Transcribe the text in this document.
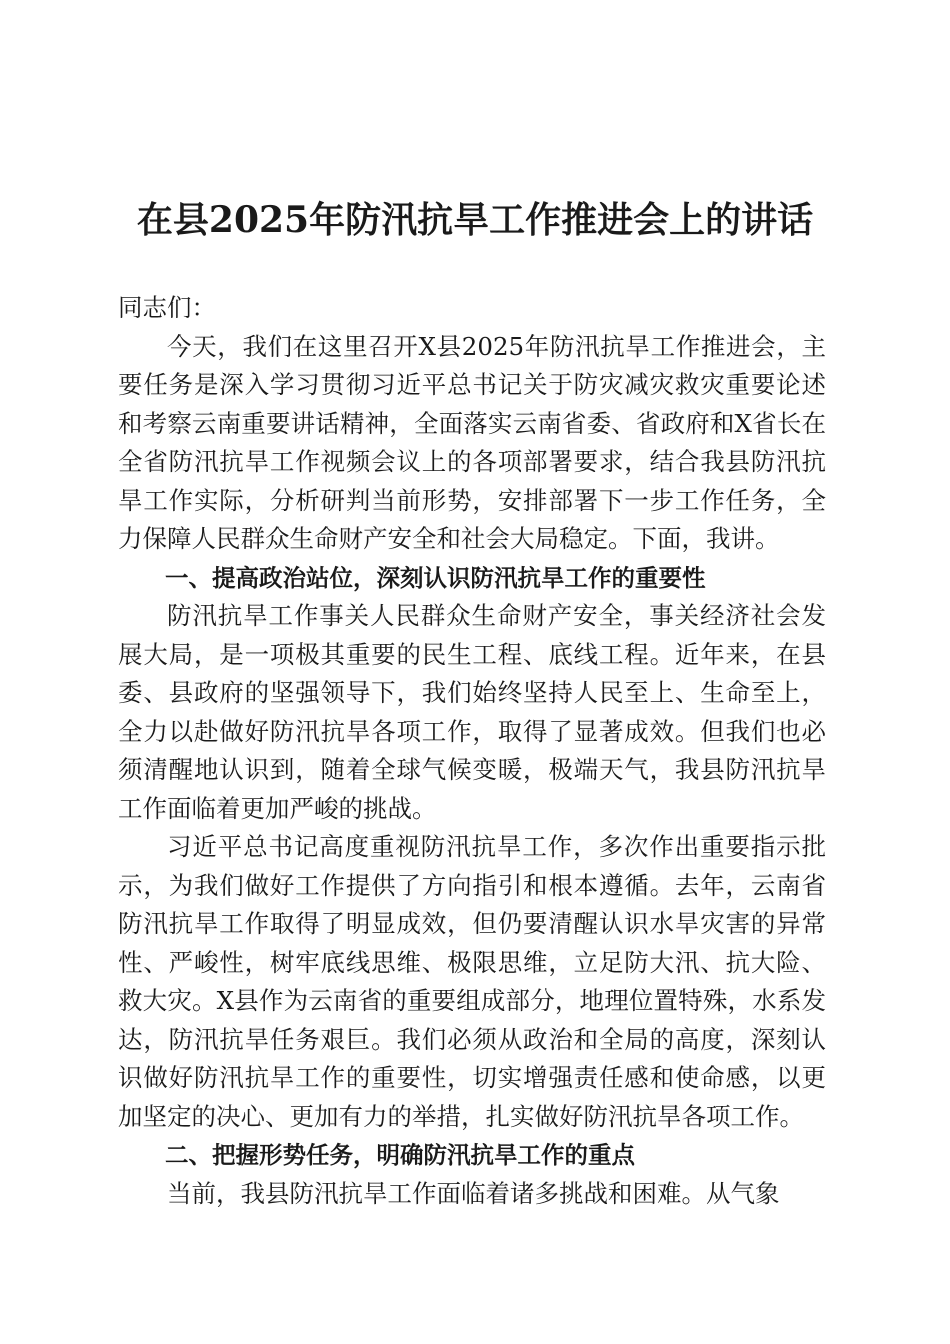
在县2025年防汛抗旱工作推进会上的讲话

同志们：

今天，我们在这里召开X县2025年防汛抗旱工作推进会，主要任务是深入学习贯彻习近平总书记关于防灾减灾救灾重要论述和考察云南重要讲话精神，全面落实云南省委、省政府和X省长在全省防汛抗旱工作视频会议上的各项部署要求，结合我县防汛抗旱工作实际，分析研判当前形势，安排部署下一步工作任务，全力保障人民群众生命财产安全和社会大局稳定。下面，我讲。

一、提高政治站位，深刻认识防汛抗旱工作的重要性

防汛抗旱工作事关人民群众生命财产安全，事关经济社会发展大局，是一项极其重要的民生工程、底线工程。近年来，在县委、县政府的坚强领导下，我们始终坚持人民至上、生命至上，全力以赴做好防汛抗旱各项工作，取得了显著成效。但我们也必须清醒地认识到，随着全球气候变暖，极端天气，我县防汛抗旱工作面临着更加严峻的挑战。

习近平总书记高度重视防汛抗旱工作，多次作出重要指示批示，为我们做好工作提供了方向指引和根本遵循。去年，云南省防汛抗旱工作取得了明显成效，但仍要清醒认识水旱灾害的异常性、严峻性，树牢底线思维、极限思维，立足防大汛、抗大险、救大灾。X县作为云南省的重要组成部分，地理位置特殊，水系发达，防汛抗旱任务艰巨。我们必须从政治和全局的高度，深刻认识做好防汛抗旱工作的重要性，切实增强责任感和使命感，以更加坚定的决心、更加有力的举措，扎实做好防汛抗旱各项工作。

二、把握形势任务，明确防汛抗旱工作的重点

当前，我县防汛抗旱工作面临着诸多挑战和困难。从气象
